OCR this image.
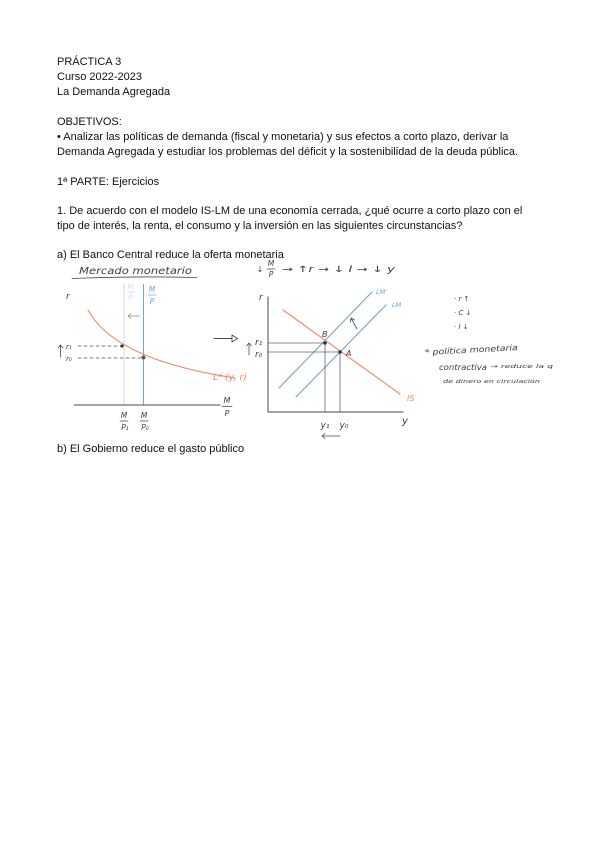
PRÁCTICA 3
Curso 2022-2023
La Demanda Agregada
OBJETIVOS:
• Analizar las políticas de demanda (fiscal y monetaria) y sus efectos a corto plazo, derivar la
Demanda Agregada y estudiar los problemas del déficit y la sostenibilidad de la deuda pública.
1ª PARTE: Ejercicios
1. De acuerdo con el modelo IS-LM de una economía cerrada, ¿qué ocurre a corto plazo con el
tipo de interés, la renta, el consumo y la inversión en las siguientes circunstancias?
a) El Banco Central reduce la oferta monetaria
Mercado monetario
r
M
P
M
P
Lᵈ (y, r)
M
P
r₁
r₀
M
P₁
M
P₀
↓
M
P → ↑r → ↓ I → ↓ y
r
y
IS
LM'
LM
B
A
r₁
r₀
y₁ y₀
· r ↑
· C ↓
· I ↓
* política monetaria
contractiva → reduce la q
de dinero en circulación
b) El Gobierno reduce el gasto público
